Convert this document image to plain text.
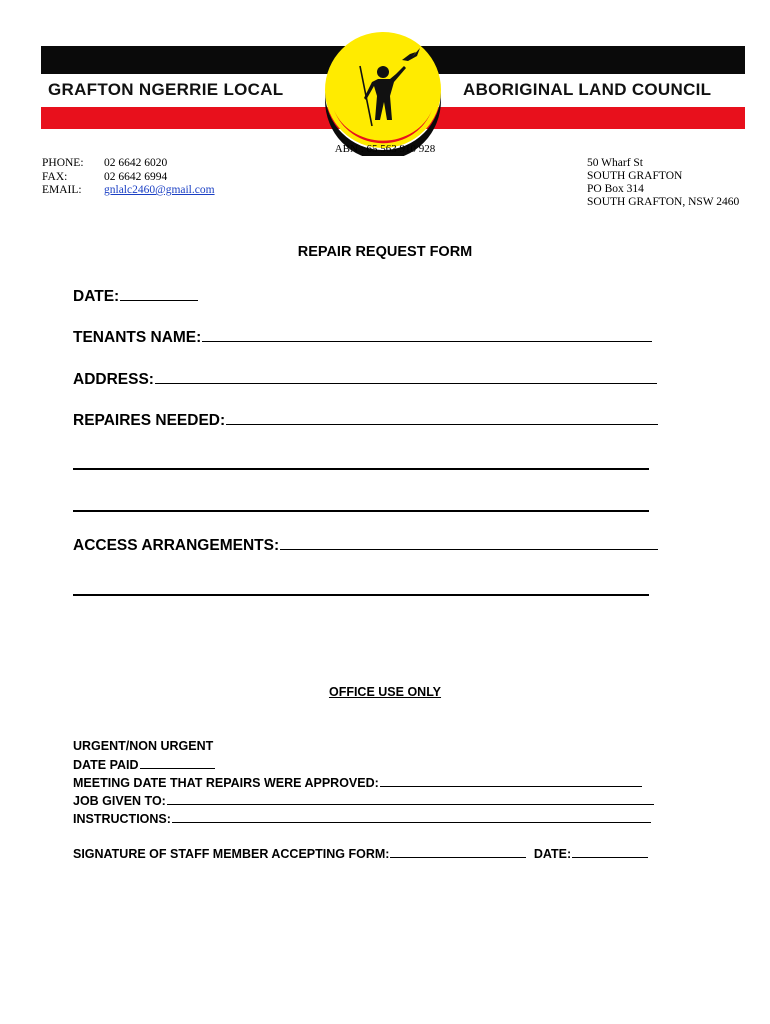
GRAFTON NGERRIE LOCAL	ABORIGINAL LAND COUNCIL
ABN : 65 563 910 928
PHONE:	02 6642 6020
FAX:	02 6642 6994
EMAIL:	gnlalc2460@gmail.com
50 Wharf St
SOUTH GRAFTON
PO Box 314
SOUTH GRAFTON, NSW 2460
REPAIR REQUEST FORM
DATE:
TENANTS NAME:
ADDRESS:
REPAIRES NEEDED:
ACCESS ARRANGEMENTS:
OFFICE USE ONLY
URGENT/NON URGENT
DATE PAID
MEETING DATE THAT REPAIRS WERE APPROVED:
JOB GIVEN TO:
INSTRUCTIONS:
SIGNATURE OF STAFF MEMBER ACCEPTING FORM:	DATE:
